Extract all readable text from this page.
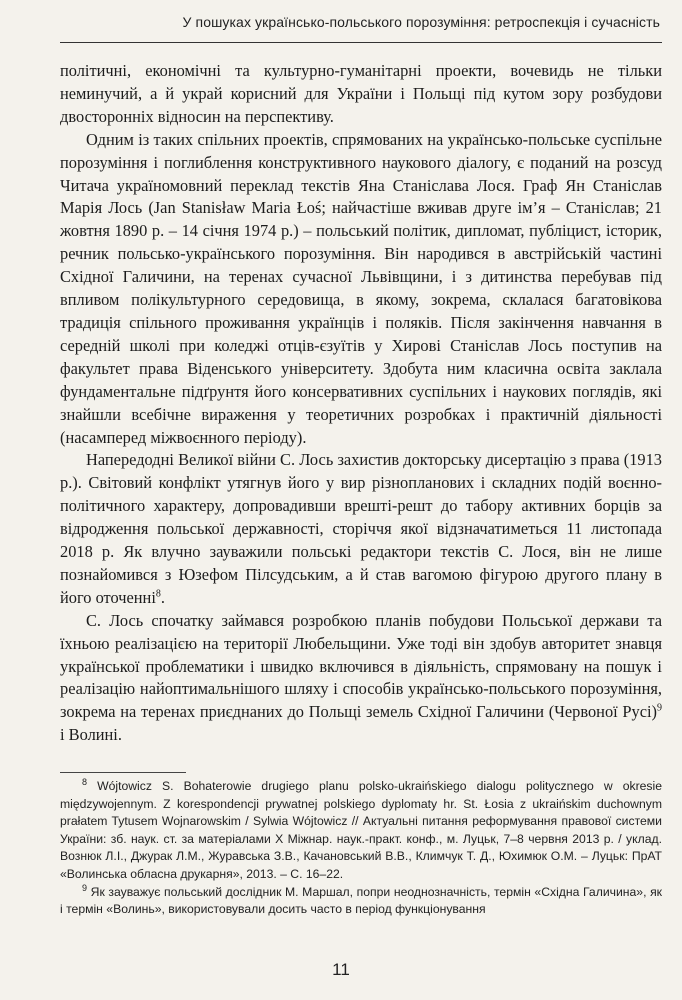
У пошуках українсько-польського порозуміння: ретроспекція і сучасність

політичні, економічні та культурно-гуманітарні проекти, вочевидь не тільки неминучий, а й украй корисний для України і Польщі під кутом зору розбудови двосторонніх відносин на перспективу.

Одним із таких спільних проектів, спрямованих на українсько-польське суспільне порозуміння і поглиблення конструктивного наукового діалогу, є поданий на розсуд Читача україномовний переклад текстів Яна Станіслава Лося. Граф Ян Станіслав Марія Лось (Jan Stanisław Maria Łoś; найчастіше вживав друге ім’я – Станіслав; 21 жовтня 1890 р. – 14 січня 1974 р.) – польський політик, дипломат, публіцист, історик, речник польсько-українського порозуміння. Він народився в австрійській частині Східної Галичини, на теренах сучасної Львівщини, і з дитинства перебував під впливом полікультурного середовища, в якому, зокрема, склалася багатовікова традиція спільного проживання українців і поляків. Після закінчення навчання в середній школі при коледжі отців-єзуїтів у Хирові Станіслав Лось поступив на факультет права Віденського університету. Здобута ним класична освіта заклала фундаментальне підґрунтя його консервативних суспільних і наукових поглядів, які знайшли всебічне вираження у теоретичних розробках і практичній діяльності (насамперед міжвоєнного періоду).

Напередодні Великої війни С. Лось захистив докторську дисертацію з права (1913 р.). Світовий конфлікт утягнув його у вир різнопланових і складних подій воєнно-політичного характеру, допровадивши врешті-решт до табору активних борців за відродження польської державності, сторіччя якої відзначатиметься 11 листопада 2018 р. Як влучно зауважили польські редактори текстів С. Лося, він не лише познайомився з Юзефом Пілсудським, а й став вагомою фігурою другого плану в його оточенні$^8$.

С. Лось спочатку займався розробкою планів побудови Польської держави та їхньою реалізацією на території Любельщини. Уже тоді він здобув авторитет знавця української проблематики і швидко включився в діяльність, спрямовану на пошук і реалізацію найоптимальнішого шляху і способів українсько-польського порозуміння, зокрема на теренах приєднаних до Польщі земель Східної Галичини (Червоної Русі)$^9$ і Волині.

$^8$ Wójtowicz S. Bohaterowie drugiego planu polsko-ukraińskiego dialogu politycznego w okresie międzywojennym. Z korespondencji prywatnej polskiego dyplomaty hr. St. Łosia z ukraińskim duchownym prałatem Tytusem Wojnarowskim / Sylwia Wójtowicz // Актуальні питання реформування правової системи України: зб. наук. ст. за матеріалами X Міжнар. наук.-практ. конф., м. Луцьк, 7–8 червня 2013 р. / уклад. Вознюк Л.І., Джурак Л.М., Журавська З.В., Качановський В.В., Климчук Т. Д., Юхимюк О.М. – Луцьк: ПрАТ «Волинська обласна друкарня», 2013. – С. 16–22.

$^9$ Як зауважує польський дослідник М. Маршал, попри неоднозначність, термін «Східна Галичина», як і термін «Волинь», використовували досить часто в період функціонування

11
